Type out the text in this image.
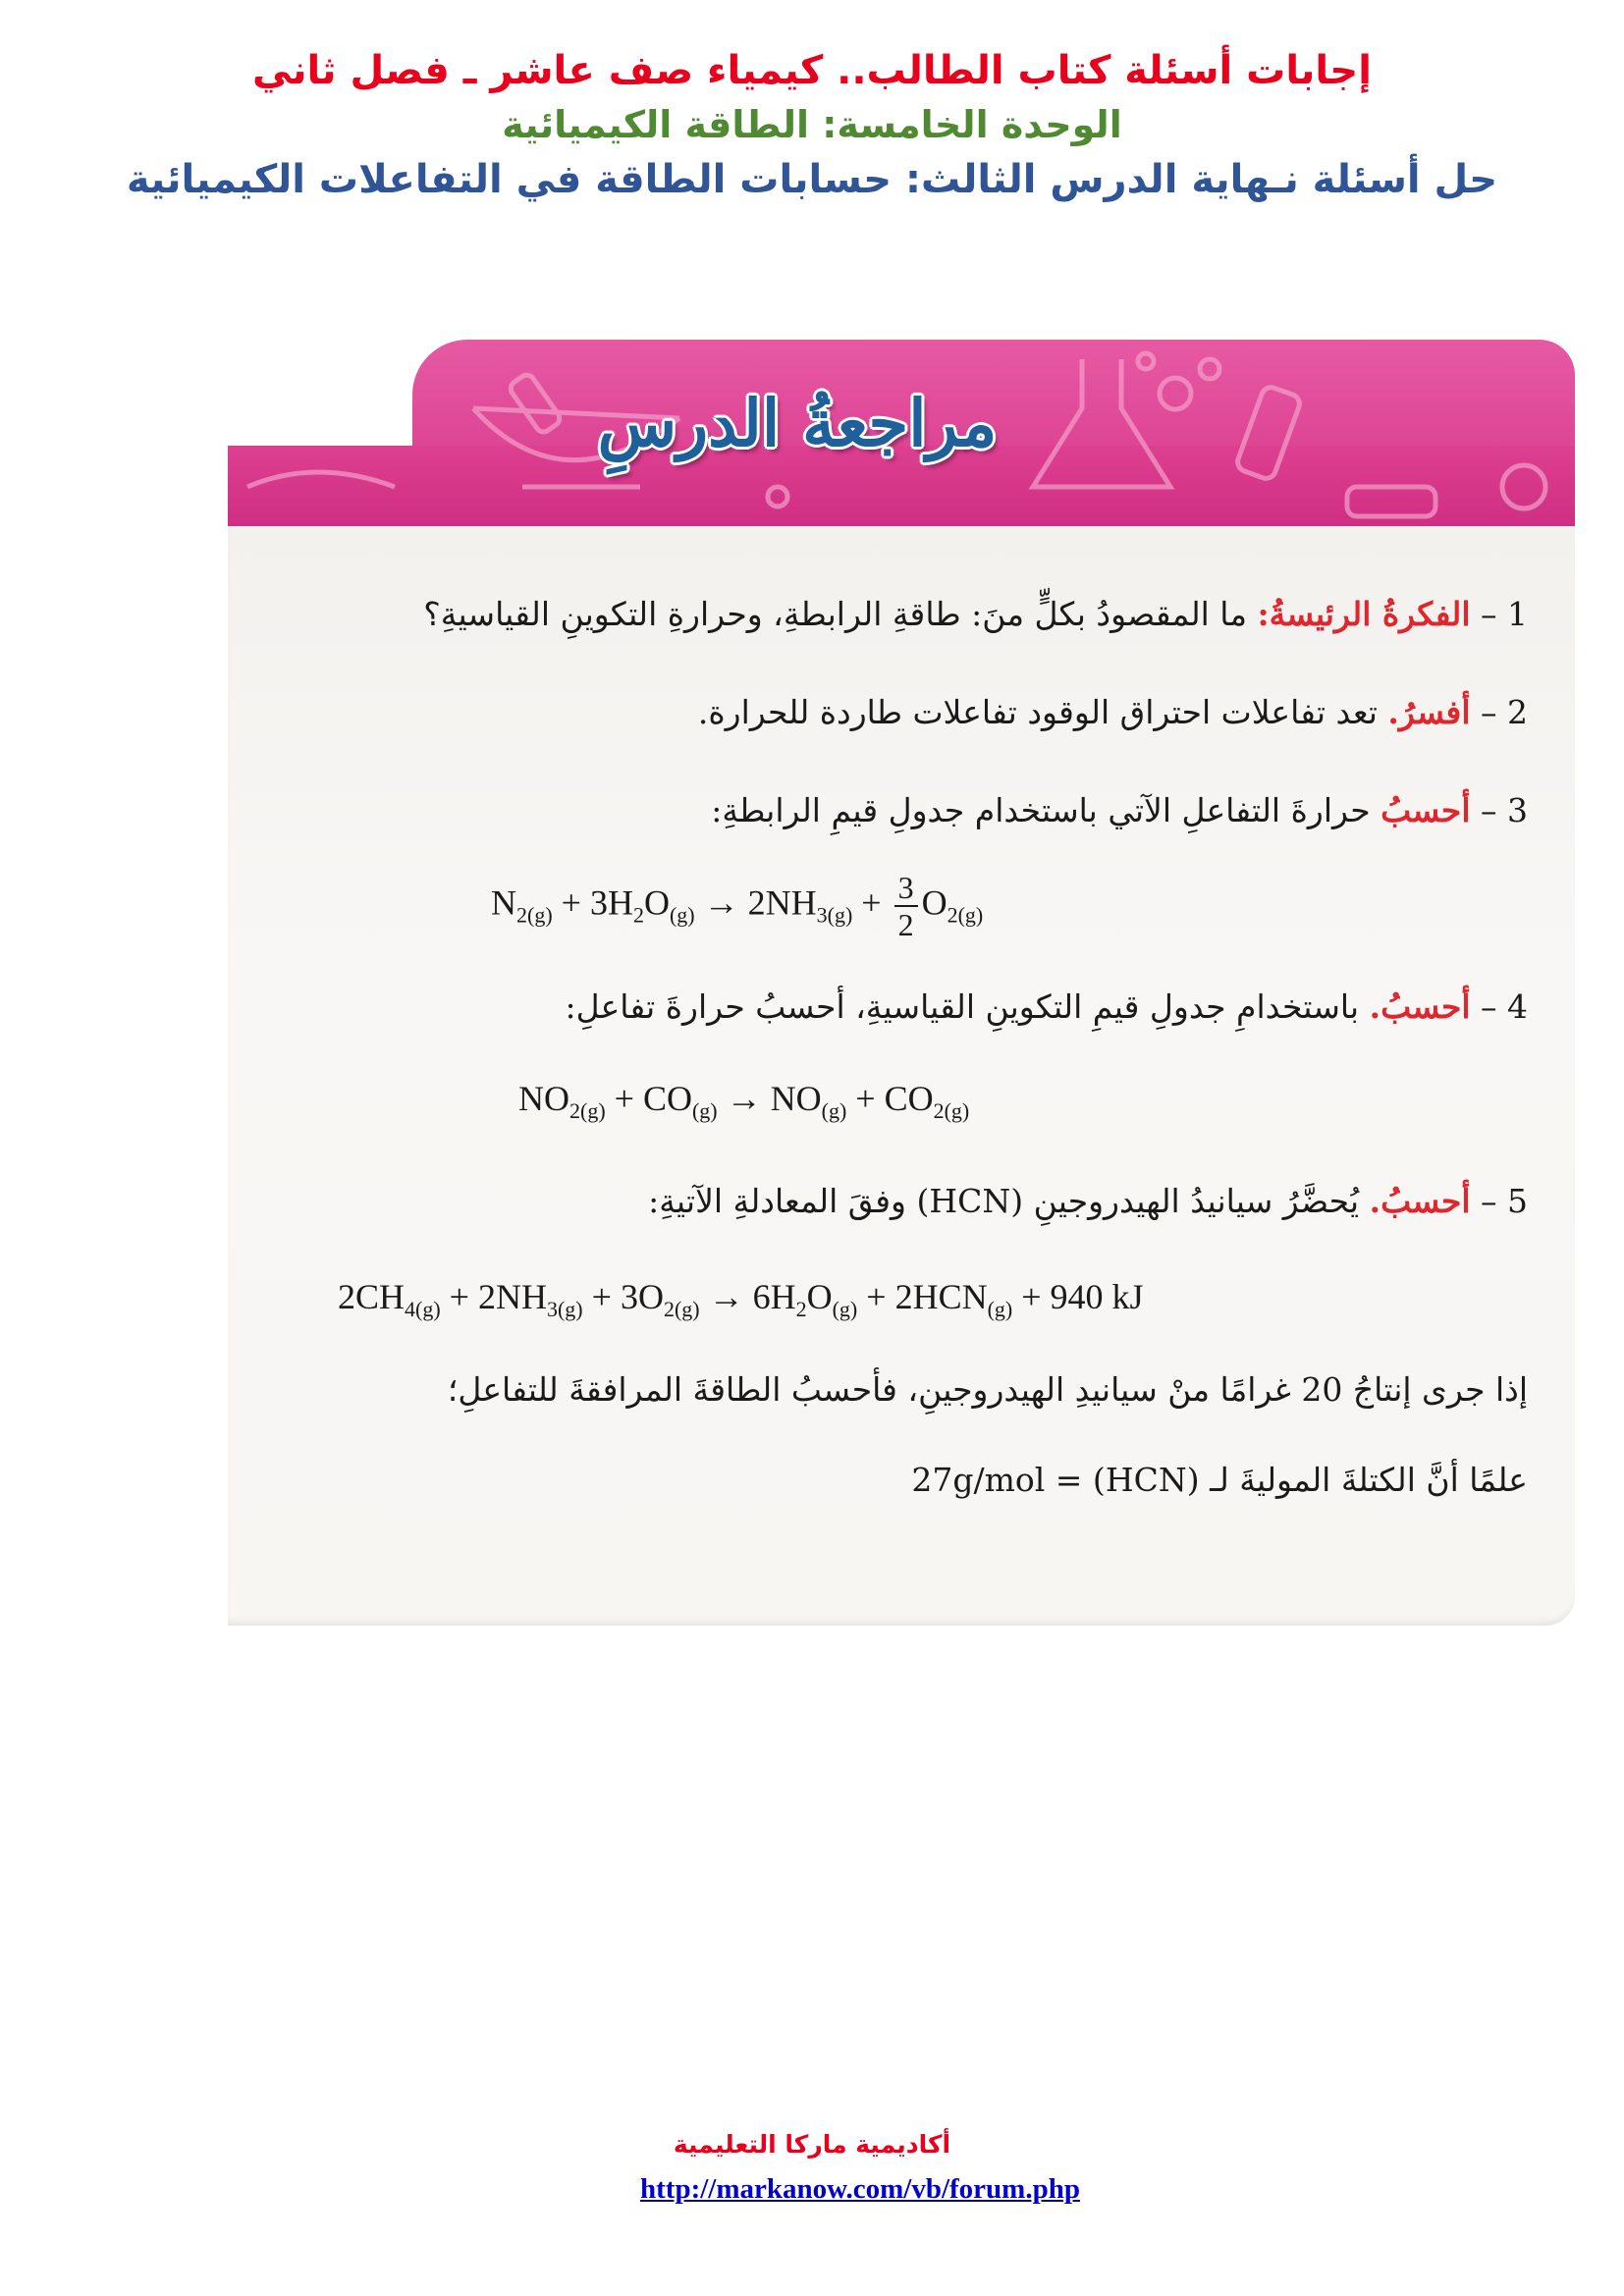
إجابات أسئلة كتاب الطالب.. كيمياء صف عاشر ـ فصل ثاني
الوحدة الخامسة: الطاقة الكيميائية
حل أسئلة نـهاية الدرس الثالث: حسابات الطاقة في التفاعلات الكيميائية
مراجعةُ الدرسِ
1 – الفكرةُ الرئيسةُ: ما المقصودُ بكلٍّ منَ: طاقةِ الرابطةِ، وحرارةِ التكوينِ القياسيةِ؟
2 – أفسرُ. تعد تفاعلات احتراق الوقود تفاعلات طاردة للحرارة.
3 – أحسبُ حرارةَ التفاعلِ الآتي باستخدام جدولِ قيمِ الرابطةِ:
$N_{2(g)} + 3H_2O_{(g)} \to 2NH_{3(g)} + \frac{3}{2} O_{2(g)}$
4 – أحسبُ. باستخدامِ جدولِ قيمِ التكوينِ القياسيةِ، أحسبُ حرارةَ تفاعلِ:
$NO_{2(g)} + CO_{(g)} \to NO_{(g)} + CO_{2(g)}$
5 – أحسبُ. يُحضَّرُ سيانيدُ الهيدروجينِ (HCN) وفقَ المعادلةِ الآتيةِ:
$2CH_{4(g)} + 2NH_{3(g)} + 3O_{2(g)} \to 6H_2O_{(g)} + 2HCN_{(g)} + 940$ kJ
إذا جرى إنتاجُ 20 غرامًا منْ سيانيدِ الهيدروجينِ، فأحسبُ الطاقةَ المرافقةَ للتفاعلِ؛
علمًا أنَّ الكتلةَ الموليةَ لـ (HCN) = 27g/mol
أكاديمية ماركا التعليمية
http://markanow.com/vb/forum.php
